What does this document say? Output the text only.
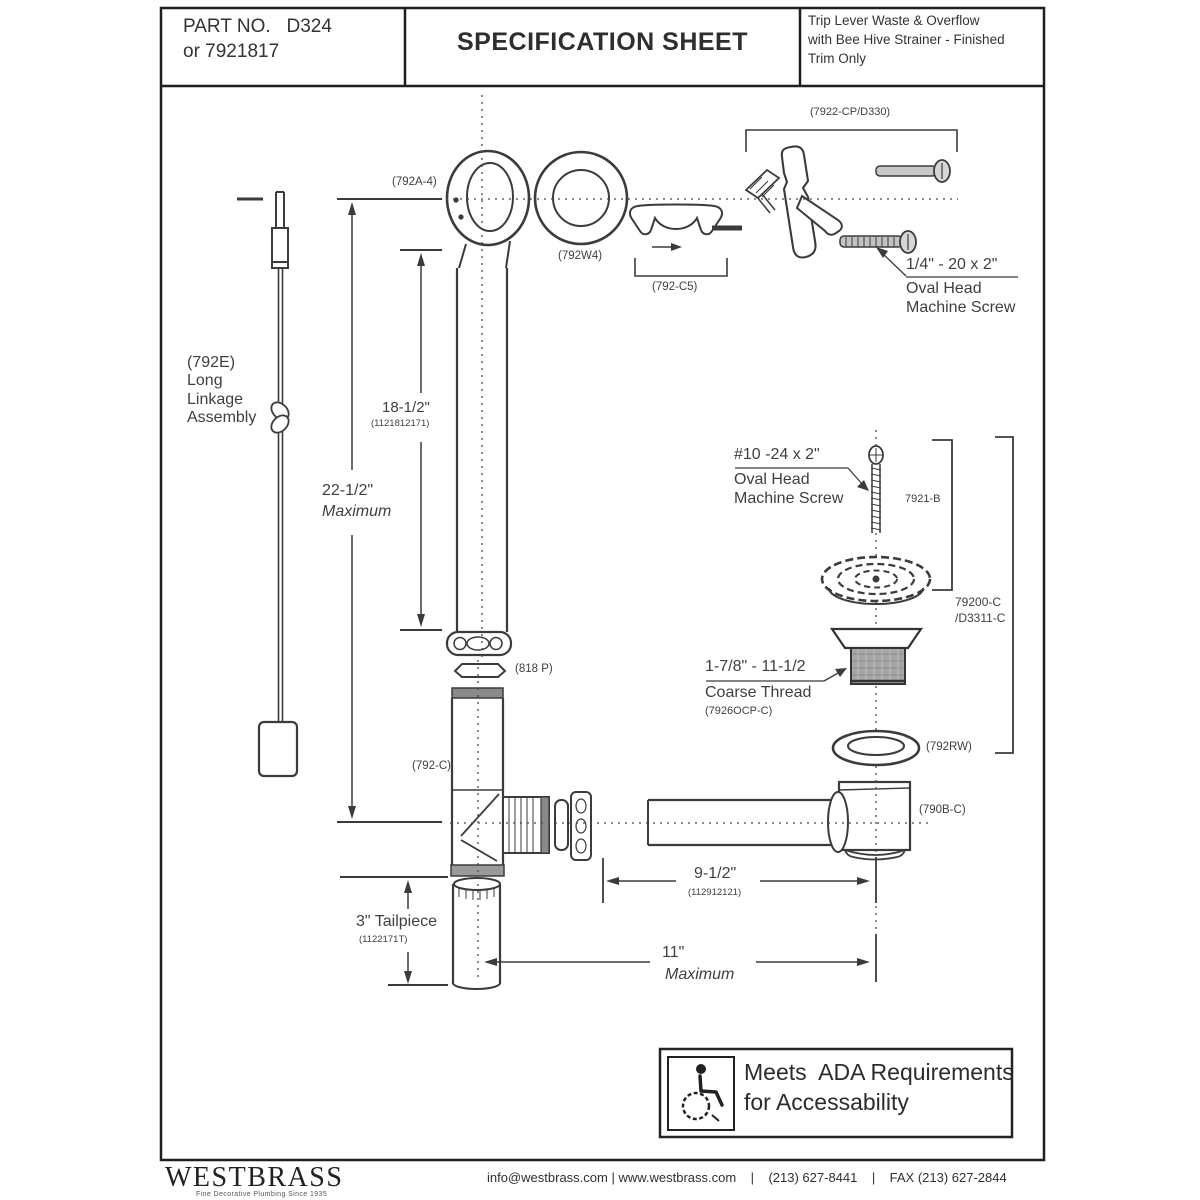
PART NO.   D324
or 7921817	SPECIFICATION SHEET
Trip Lever Waste & Overflow
with Bee Hive Strainer - Finished
Trim Only
(792A-4)
(792W4)
(792-C5)
(7922-CP/D330)
(792E)
Long
Linkage
Assembly
(792-C)
(818 P)
(790B-C)
(792RW)
7921-B
79200-C
/D3311-C
1/4" - 20 x 2"
Oval Head
Machine Screw
#10 -24 x 2"
Oval Head
Machine Screw
1-7/8" - 11-1/2
Coarse Thread
(7926OCP-C)
22-1/2"
Maximum
18-1/2"
(1121812171)
9-1/2"
(112912121)
11"
Maximum
3" Tailpiece
(1122171T)
Meets  ADA Requirements
for Accessability
WESTBRASS
Fine Decorative Plumbing Since 1935
info@westbrass.com | www.westbrass.com    |    (213) 627-8441    |    FAX (213) 627-2844
